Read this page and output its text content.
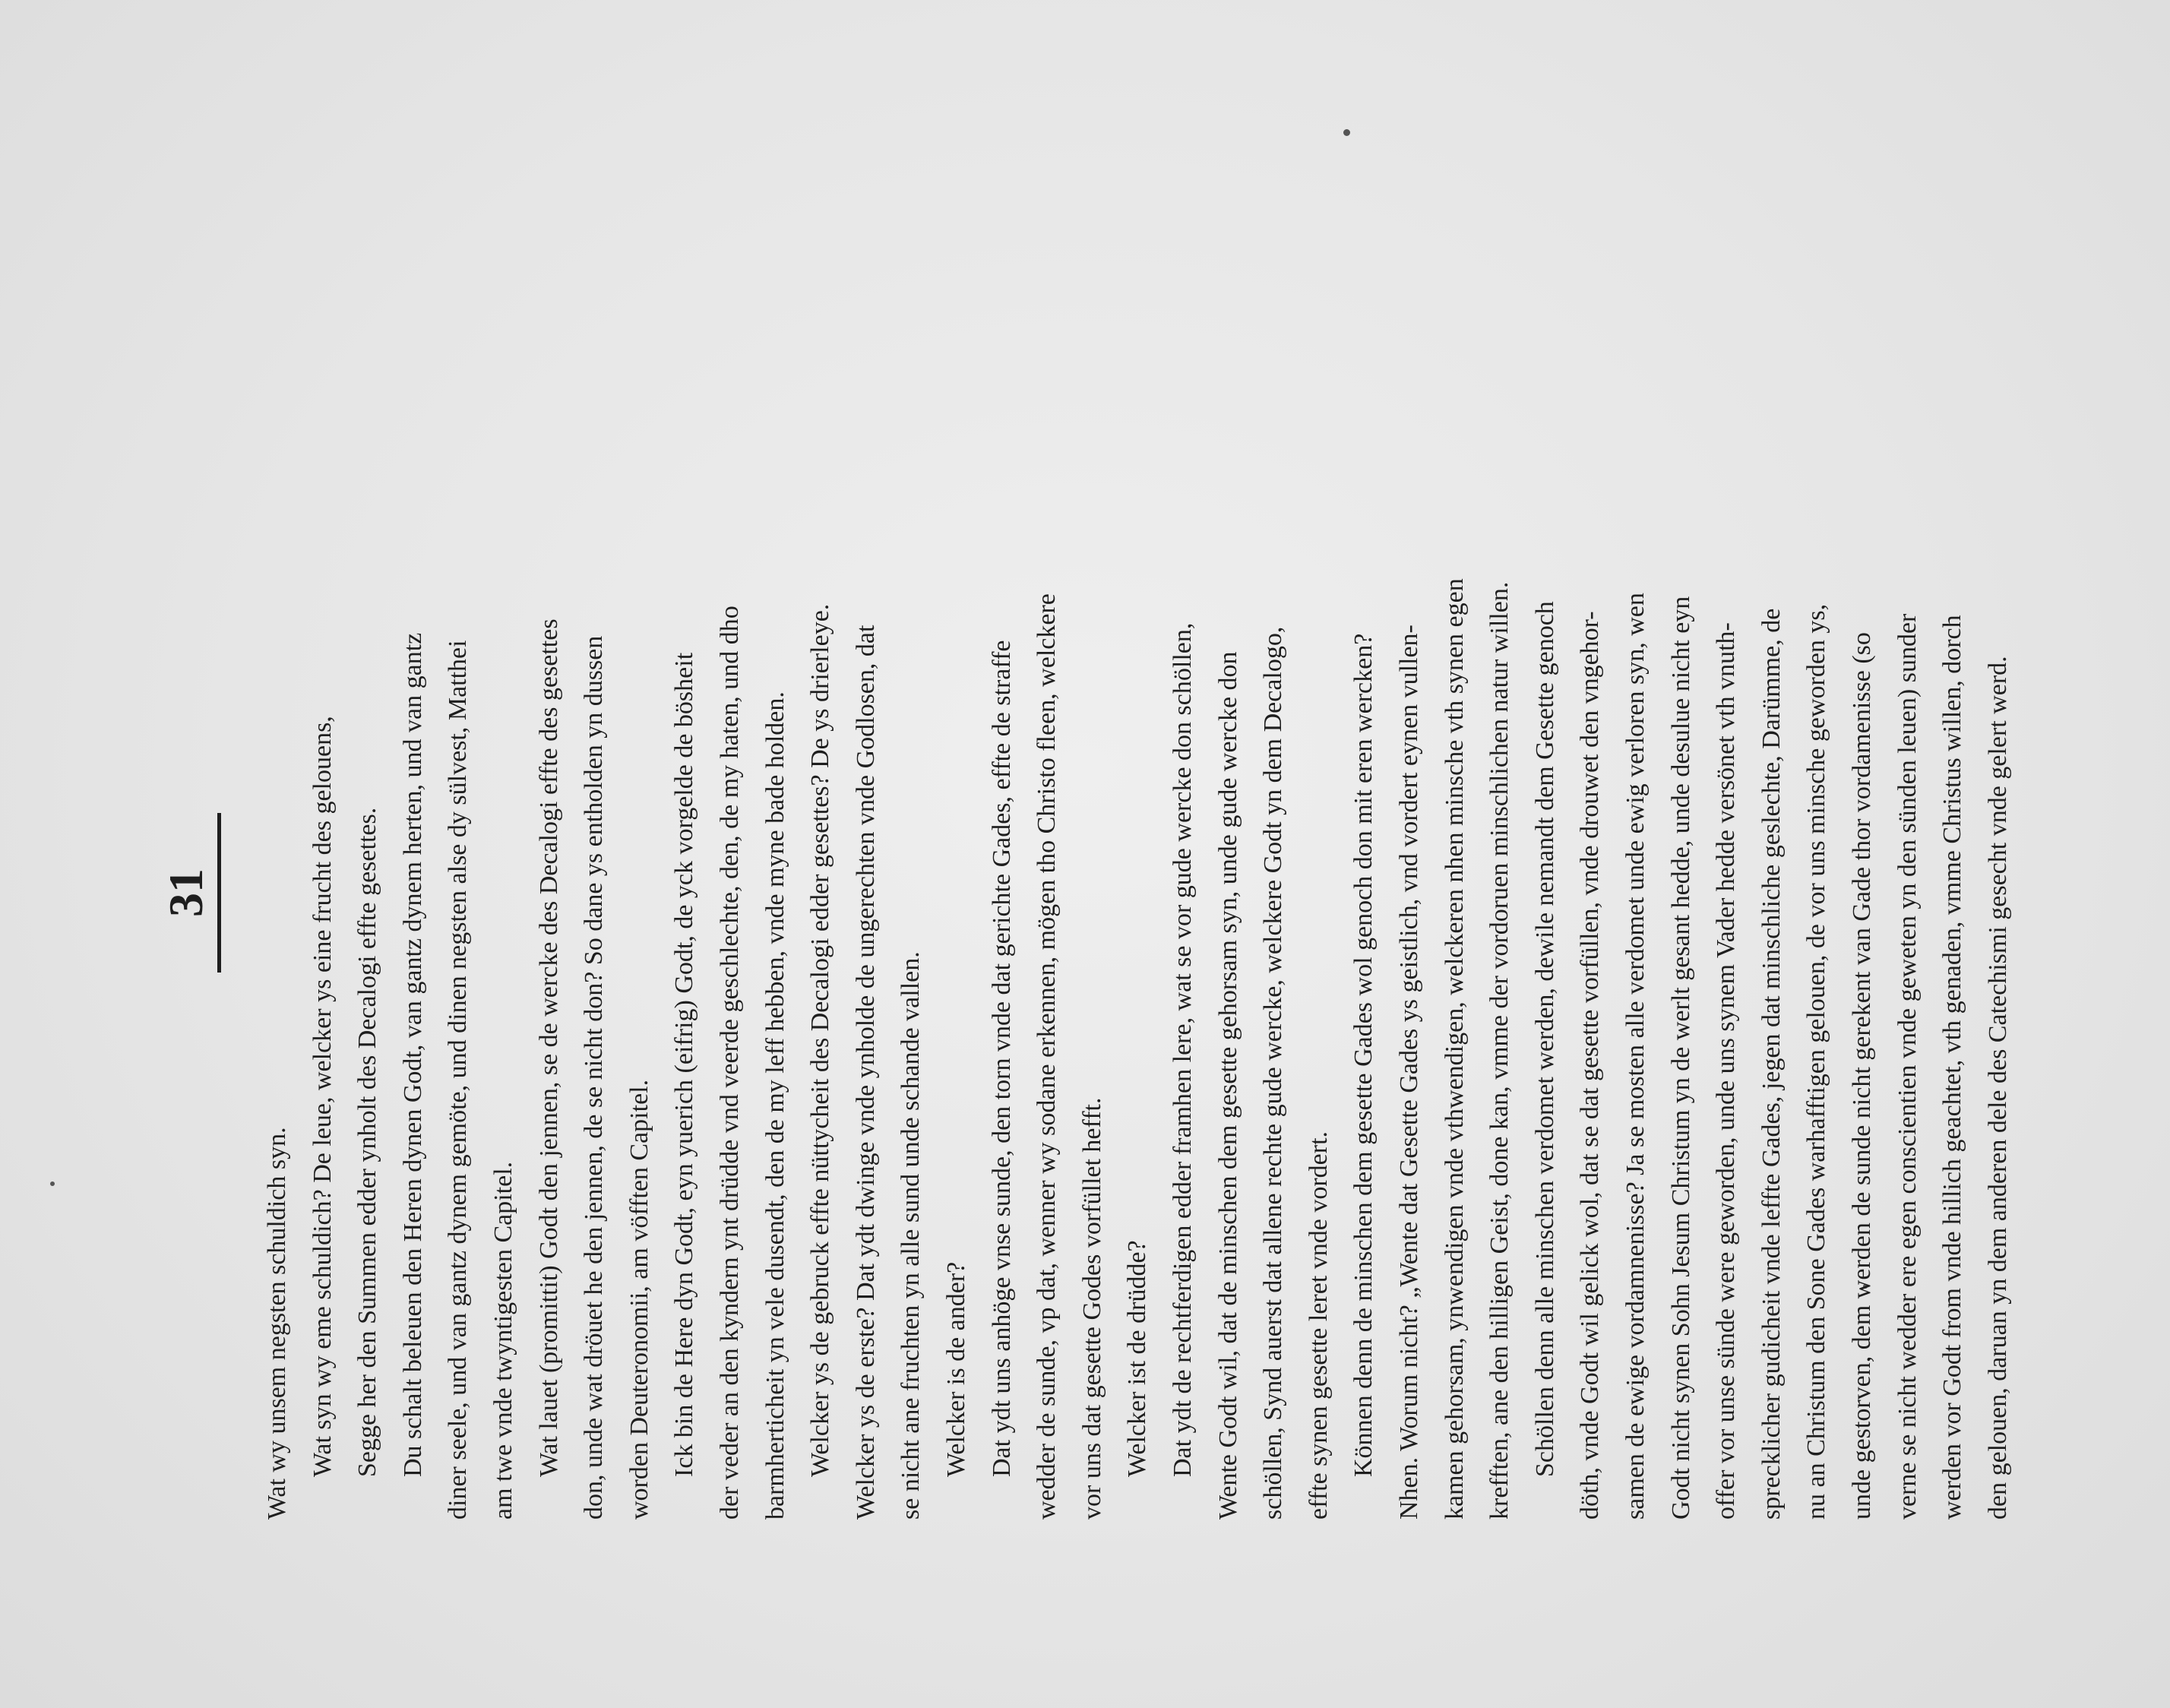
31
Wat wy unsem negsten schuldich syn. Wat syn wy eme schuldich? De leue, welcker ys eine frucht des gelouens, Segge her den Summen edder ynholt des Decalogi effte gesettes. Du schalt beleuen den Heren dynen Godt, van gantz dynem herten, und van gantz diner seele, und van gantz dynem gemöte, und dinen negsten alse dy sülvest, Matthei am twe vnde twyntigesten Capitel. Wat lauet (promittit) Godt den jennen, se de wercke des Decalogi effte des gesettes don, unde wat dröuet he den jennen, de se nicht don? So dane ys entholden yn dussen worden Deuteronomii, am vöfften Capitel. Ick bin de Here dyn Godt, eyn yuerich (eifrig) Godt, de yck vorgelde de bösheit der veder an den kyndern ynt drüdde vnd veerde geschlechte, den, de my haten, und dho barmherticheit yn vele dusendt, den de my leff hebben, vnde myne bade holden. Welcker ys de gebruck effte nüttycheit des Decalogi edder gesettes? De ys drierleye. Welcker ys de erste? Dat ydt dwinge vnde ynholde de ungerechten vnde Godlosen, dat se nicht ane fruchten yn alle sund unde schande vallen. Welcker is de ander? Dat ydt uns anhöge vnse sunde, den torn vnde dat gerichte Gades, effte de straffe wedder de sunde, vp dat, wenner wy sodane erkennen, mögen tho Christo fleen, welckere vor uns dat gesette Godes vorfüllet hefft. Welcker ist de drüdde? Dat ydt de rechtferdigen edder framhen lere, wat se vor gude wercke don schöllen, Wente Godt wil, dat de minschen dem gesette gehorsam syn, unde gude wercke don schöllen, Synd auerst dat allene rechte gude wercke, welckere Godt yn dem Decalogo, effte synen gesette leret vnde vordert. Können denn de minschen dem gesette Gades wol genoch don mit eren wercken? Nhen. Worum nicht? „Wente dat Gesette Gades ys geistlich, vnd vordert eynen vullen- kamen gehorsam, ynwendigen vnde vthwendigen, welckeren nhen minsche vth synen egen krefften, ane den hilligen Geist, done kan, vmme der vordoruen minschlichen natur willen. Schöllen denn alle minschen verdomet werden, dewile nemandt dem Gesette genoch döth, vnde Godt wil gelick wol, dat se dat gesette vorfüllen, vnde drouwet den vngehor- samen de ewige vordamnenisse? Ja se mosten alle verdomet unde ewig verloren syn, wen Godt nicht synen Sohn Jesum Christum yn de werlt gesant hedde, unde desulue nicht eyn offer vor unse sünde were geworden, unde uns synem Vader hedde versönet vth vnuth- sprecklicher gudicheit vnde leffte Gades, jegen dat minschliche geslechte, Darümme, de nu an Christum den Sone Gades warhafftigen gelouen, de vor uns minsche geworden ys, unde gestorven, dem werden de sunde nicht gerekent van Gade thor vordamenisse (so verne se nicht wedder ere egen conscientien vnde geweten yn den sünden leuen) sunder werden vor Godt from vnde hillich geachtet, vth genaden, vmme Christus willen, dorch den gelouen, daruan yn dem anderen dele des Catechismi gesecht vnde gelert werd.
